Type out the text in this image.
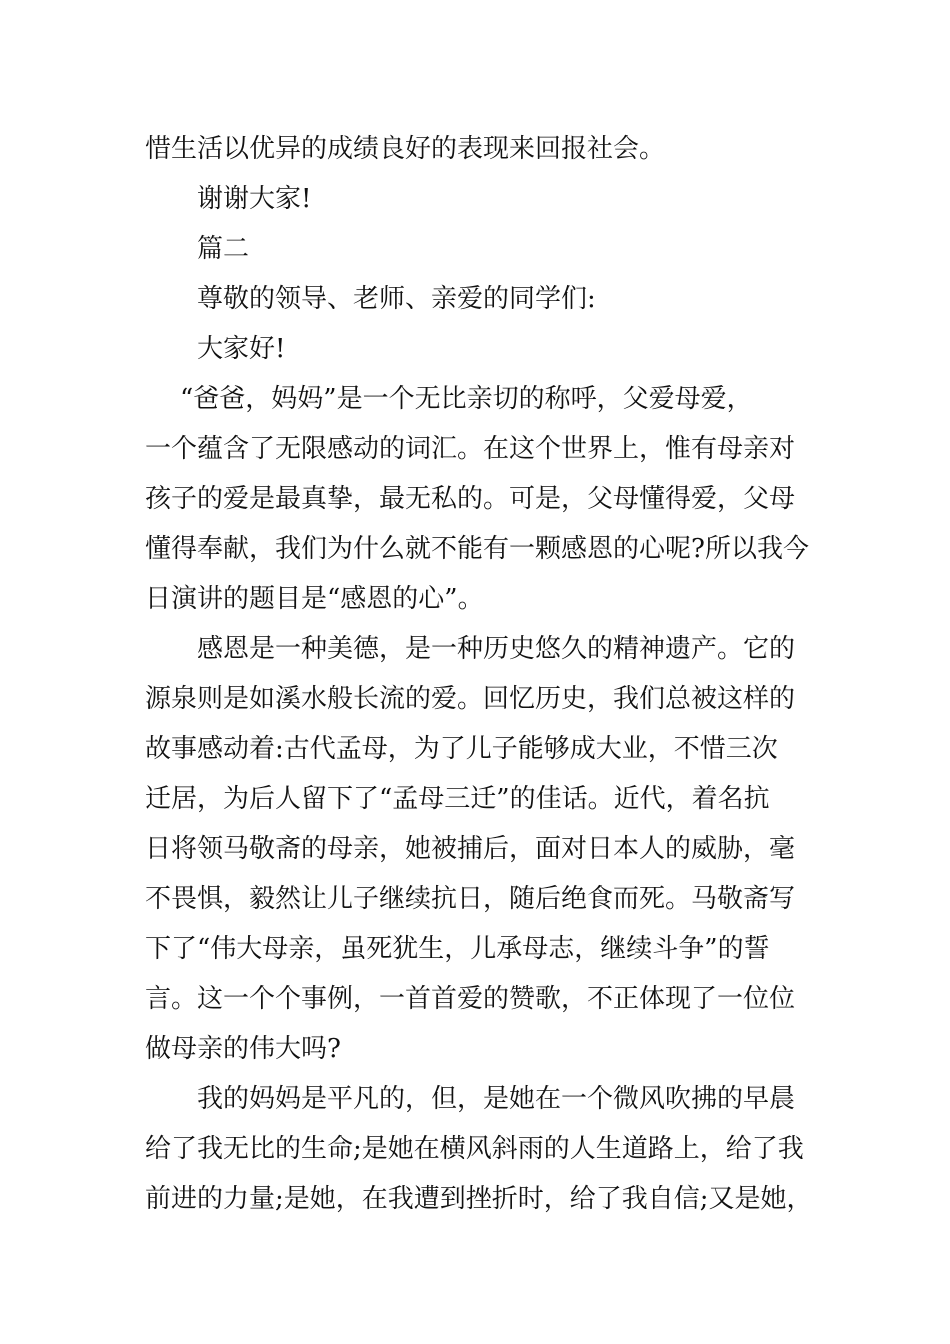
惜生活以优异的成绩良好的表现来回报社会。
谢谢大家!
篇二
尊敬的领导、老师、亲爱的同学们:
大家好!
“爸爸，妈妈”是一个无比亲切的称呼，父爱母爱，
一个蕴含了无限感动的词汇。在这个世界上，惟有母亲对
孩子的爱是最真挚，最无私的。可是，父母懂得爱，父母
懂得奉献，我们为什么就不能有一颗感恩的心呢?所以我今
日演讲的题目是“感恩的心”。
感恩是一种美德，是一种历史悠久的精神遗产。它的
源泉则是如溪水般长流的爱。回忆历史，我们总被这样的
故事感动着:古代孟母，为了儿子能够成大业，不惜三次
迁居，为后人留下了“孟母三迁”的佳话。近代，着名抗
日将领马敬斋的母亲，她被捕后，面对日本人的威胁，毫
不畏惧，毅然让儿子继续抗日，随后绝食而死。马敬斋写
下了“伟大母亲，虽死犹生，儿承母志，继续斗争”的誓
言。这一个个事例，一首首爱的赞歌，不正体现了一位位
做母亲的伟大吗?
我的妈妈是平凡的，但，是她在一个微风吹拂的早晨
给了我无比的生命;是她在横风斜雨的人生道路上，给了我
前进的力量;是她，在我遭到挫折时，给了我自信;又是她，
